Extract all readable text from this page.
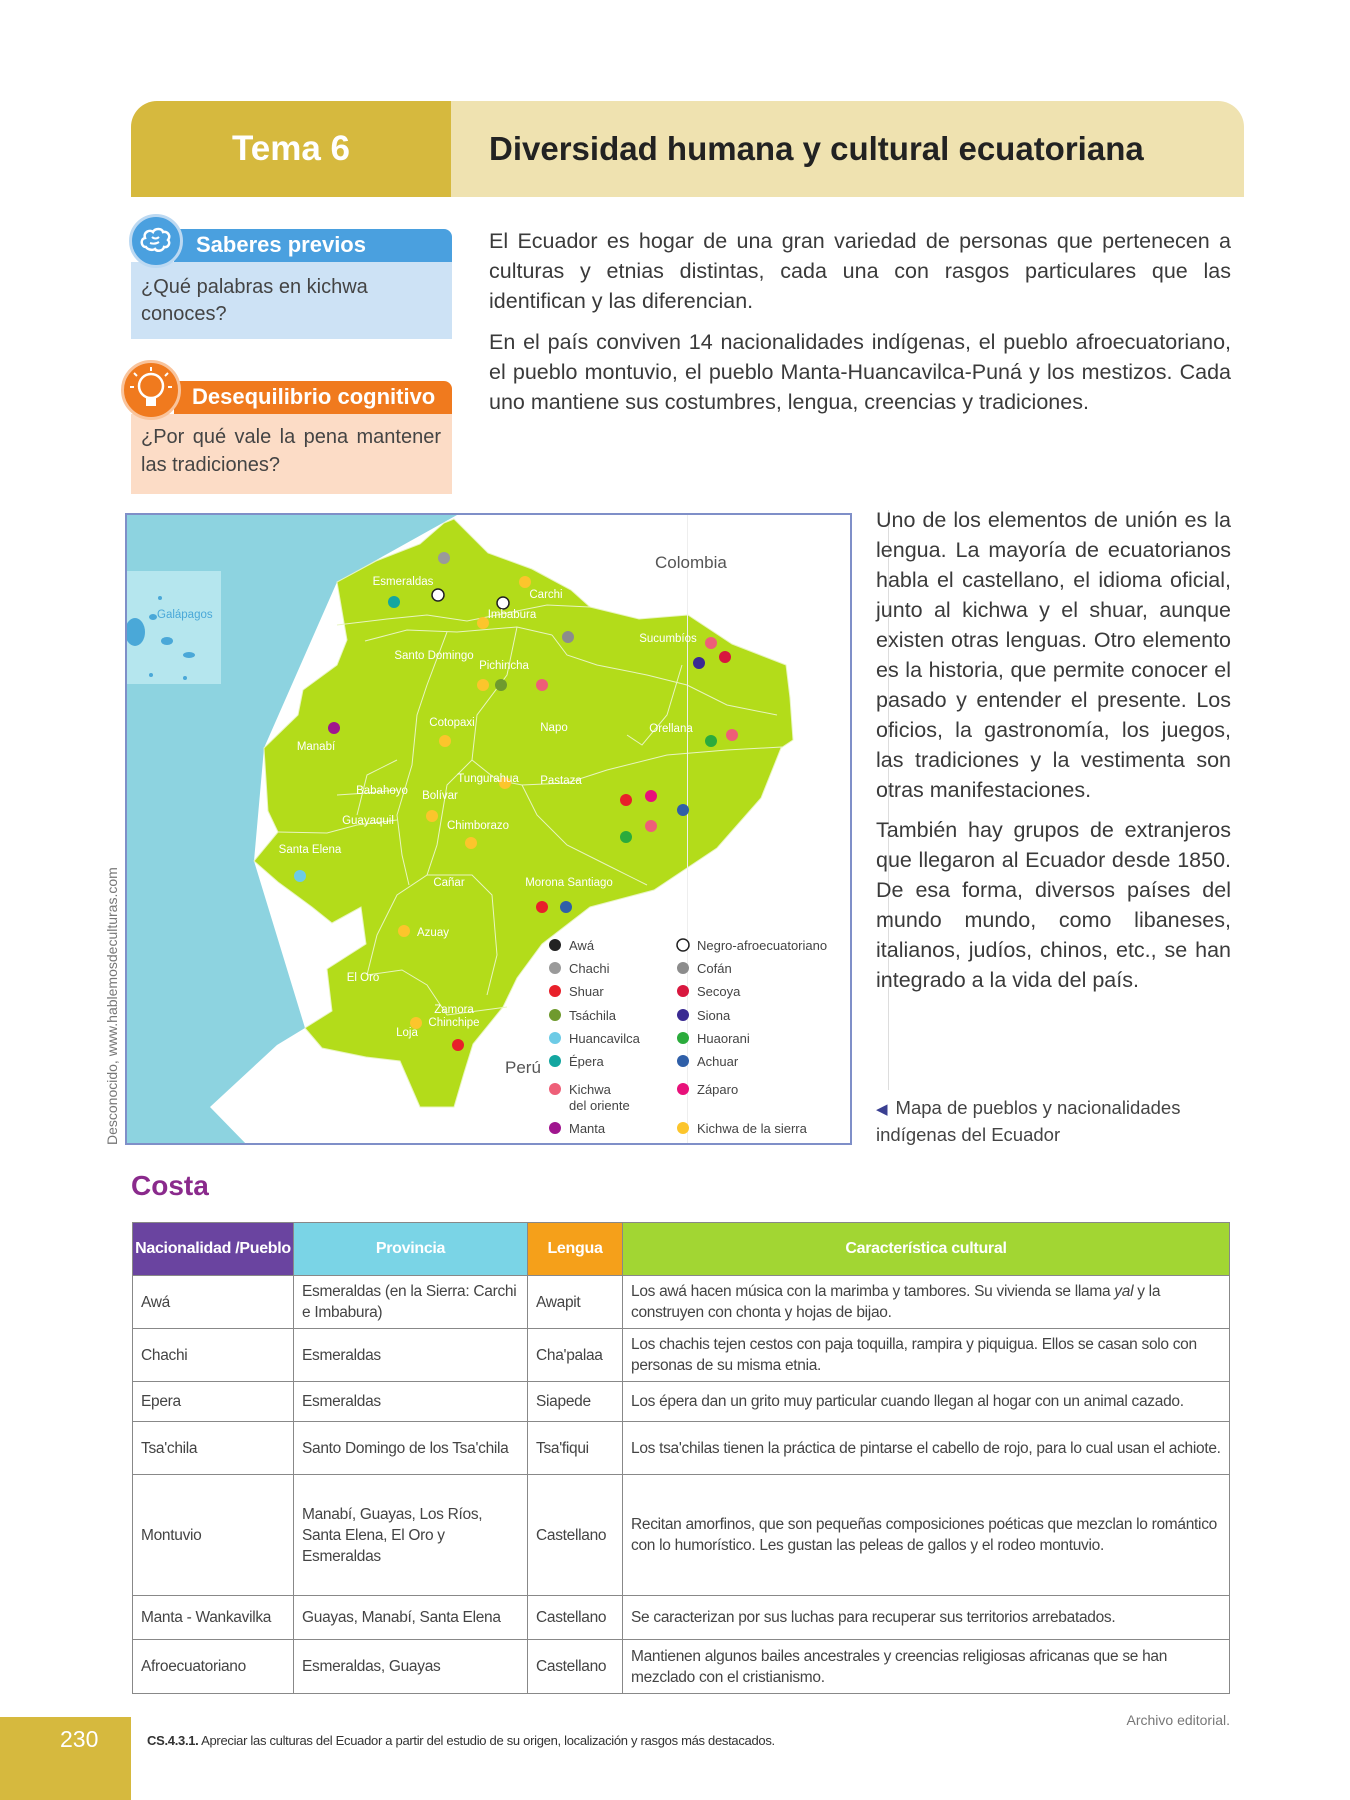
Tema 6	Diversidad humana y cultural ecuatoriana
Saberes previos
¿Qué palabras en kichwa conoces?
Desequilibrio cognitivo
¿Por qué vale la pena mantener las tradiciones?

El Ecuador es hogar de una gran variedad de personas que pertenecen a culturas y etnias distintas, cada una con rasgos particulares que las identifican y las diferencian.

En el país conviven 14 nacionalidades indígenas, el pueblo afroecuatoriano, el pueblo montuvio, el pueblo Manta-Huancavilca-Puná y los mestizos. Cada uno mantiene sus costumbres, lengua, creencias y tradiciones.

Uno de los elementos de unión es la lengua. La mayoría de ecuatorianos habla el castellano, el idioma oficial, junto al kichwa y el shuar, aunque existen otras lenguas. Otro elemento es la historia, que permite conocer el pasado y entender el presente. Los oficios, la gastronomía, los juegos, las tradiciones y la vestimenta son otras manifestaciones.

También hay grupos de extranjeros que llegaron al Ecuador desde 1850. De esa forma, diversos países del mundo mundo, como libaneses, italianos, judíos, chinos, etc., se han integrado a la vida del país.

Galápagos
Esmeraldas
Carchi
Imbabura
Sucumbíos
Santo Domingo
Pichincha
Cotopaxi	Napo	Orellana
Manabí
Tungurahua Pastaza
Babahoyo Bolívar
Guayaquil	Chimborazo
Santa Elena
Cañar	Morona Santiago
Azuay
El Oro
Zamora
Chinchipe
Loja
Colombia
Perú
Awá
Chachi
Shuar
Tsáchila
Huancavilca
Épera
Kichwa del oriente
Manta
Negro-afroecuatoriano
Cofán
Secoya
Siona
Huaorani
Achuar
Záparo
Kichwa de la sierra
Desconocido, www.hablemosdeculturas.com	◀ Mapa de pueblos y nacionalidades indígenas del Ecuador
Costa
Nacionalidad /Pueblo	Provincia	Lengua	Característica cultural
Awá	Esmeraldas (en la Sierra: Carchi e Imbabura)	Awapit	Los awá hacen música con la marimba y tambores. Su vivienda se llama yal y la construyen con chonta y hojas de bijao.
Chachi	Esmeraldas	Cha'palaa	Los chachis tejen cestos con paja toquilla, rampira y piquigua. Ellos se casan solo con personas de su misma etnia.
Epera	Esmeraldas	Siapede	Los épera dan un grito muy particular cuando llegan al hogar con un animal cazado.
Tsa'chila	Santo Domingo de los Tsa'chila	Tsa'fiqui	Los tsa'chilas tienen la práctica de pintarse el cabello de rojo, para lo cual usan el achiote.
Montuvio	Manabí, Guayas, Los Ríos, Santa Elena, El Oro y Esmeraldas	Castellano	Recitan amorfinos, que son pequeñas composiciones poéticas que mezclan lo romántico con lo humorístico. Les gustan las peleas de gallos y el rodeo montuvio.
Manta - Wankavilka	Guayas, Manabí, Santa Elena	Castellano	Se caracterizan por sus luchas para recuperar sus territorios arrebatados.
Afroecuatoriano	Esmeraldas, Guayas	Castellano	Mantienen algunos bailes ancestrales y creencias religiosas africanas que se han mezclado con el cristianismo.
230	CS.4.3.1. Apreciar las culturas del Ecuador a partir del estudio de su origen, localización y rasgos más destacados.
Archivo editorial.
